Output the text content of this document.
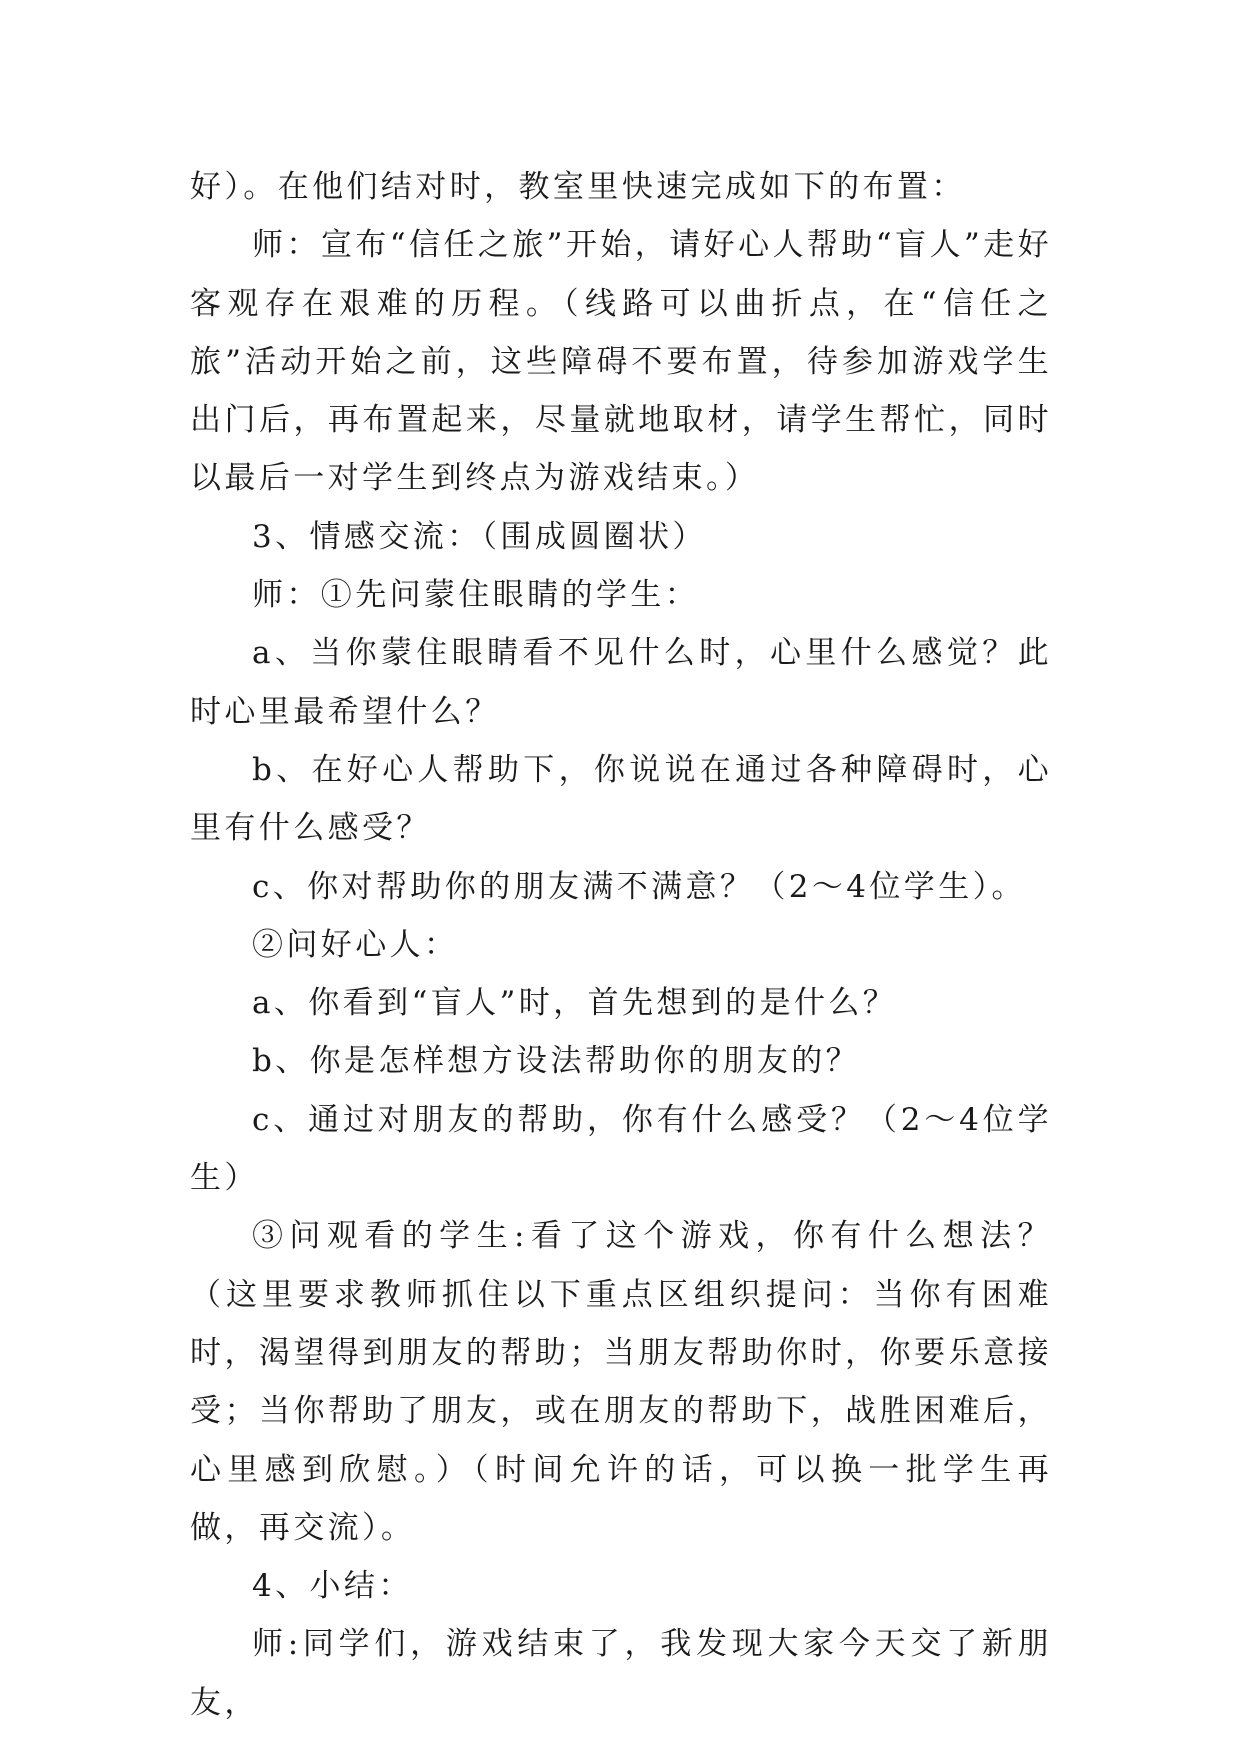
好）。在他们结对时，教室里快速完成如下的布置：

师：宣布“信任之旅”开始，请好心人帮助“盲人”走好客观存在艰难的历程。（线路可以曲折点，在“信任之旅”活动开始之前，这些障碍不要布置，待参加游戏学生出门后，再布置起来，尽量就地取材，请学生帮忙，同时以最后一对学生到终点为游戏结束。）

3、情感交流：（围成圆圈状）

师：①先问蒙住眼睛的学生：

a、当你蒙住眼睛看不见什么时，心里什么感觉？此时心里最希望什么？

b、在好心人帮助下，你说说在通过各种障碍时，心里有什么感受？

c、你对帮助你的朋友满不满意？（2～4位学生）。

②问好心人：

a、你看到“盲人”时，首先想到的是什么？

b、你是怎样想方设法帮助你的朋友的？

c、通过对朋友的帮助，你有什么感受？（2～4位学生）

③问观看的学生:看了这个游戏，你有什么想法？（这里要求教师抓住以下重点区组织提问：当你有困难时，渴望得到朋友的帮助；当朋友帮助你时，你要乐意接受；当你帮助了朋友，或在朋友的帮助下，战胜困难后，心里感到欣慰。）（时间允许的话，可以换一批学生再做，再交流）。

4、小结：

师:同学们，游戏结束了，我发现大家今天交了新朋友，
